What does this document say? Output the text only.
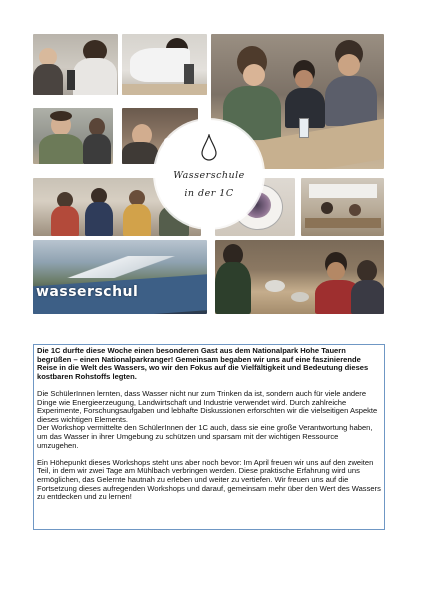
wasserschul
Wasserschule
in der 1C

Die 1C durfte diese Woche einen besonderen Gast aus dem Nationalpark Hohe Tauern begrüßen – einen Nationalparkranger! Gemeinsam begaben wir uns auf eine faszinierende Reise in die Welt des Wassers, wo wir den Fokus auf die Vielfältigkeit und Bedeutung dieses kostbaren Rohstoffs legten.

Die SchülerInnen lernten, dass Wasser nicht nur zum Trinken da ist, sondern auch für viele andere Dinge wie Energieerzeugung, Landwirtschaft und Industrie verwendet wird. Durch zahlreiche Experimente, Forschungsaufgaben und lebhafte Diskussionen erforschten wir die vielseitigen Aspekte dieses wichtigen Elements.

Der Workshop vermittelte den SchülerInnen der 1C auch, dass sie eine große Verantwortung haben, um das Wasser in ihrer Umgebung zu schützen und sparsam mit der wichtigen Ressource umzugehen.

Ein Höhepunkt dieses Workshops steht uns aber noch bevor: Im April freuen wir uns auf den zweiten Teil, in dem wir zwei Tage am Mühlbach verbringen werden. Diese praktische Erfahrung wird uns ermöglichen, das Gelernte hautnah zu erleben und weiter zu vertiefen. Wir freuen uns auf die Fortsetzung dieses aufregenden Workshops und darauf, gemeinsam mehr über den Wert des Wassers zu entdecken und zu lernen!
